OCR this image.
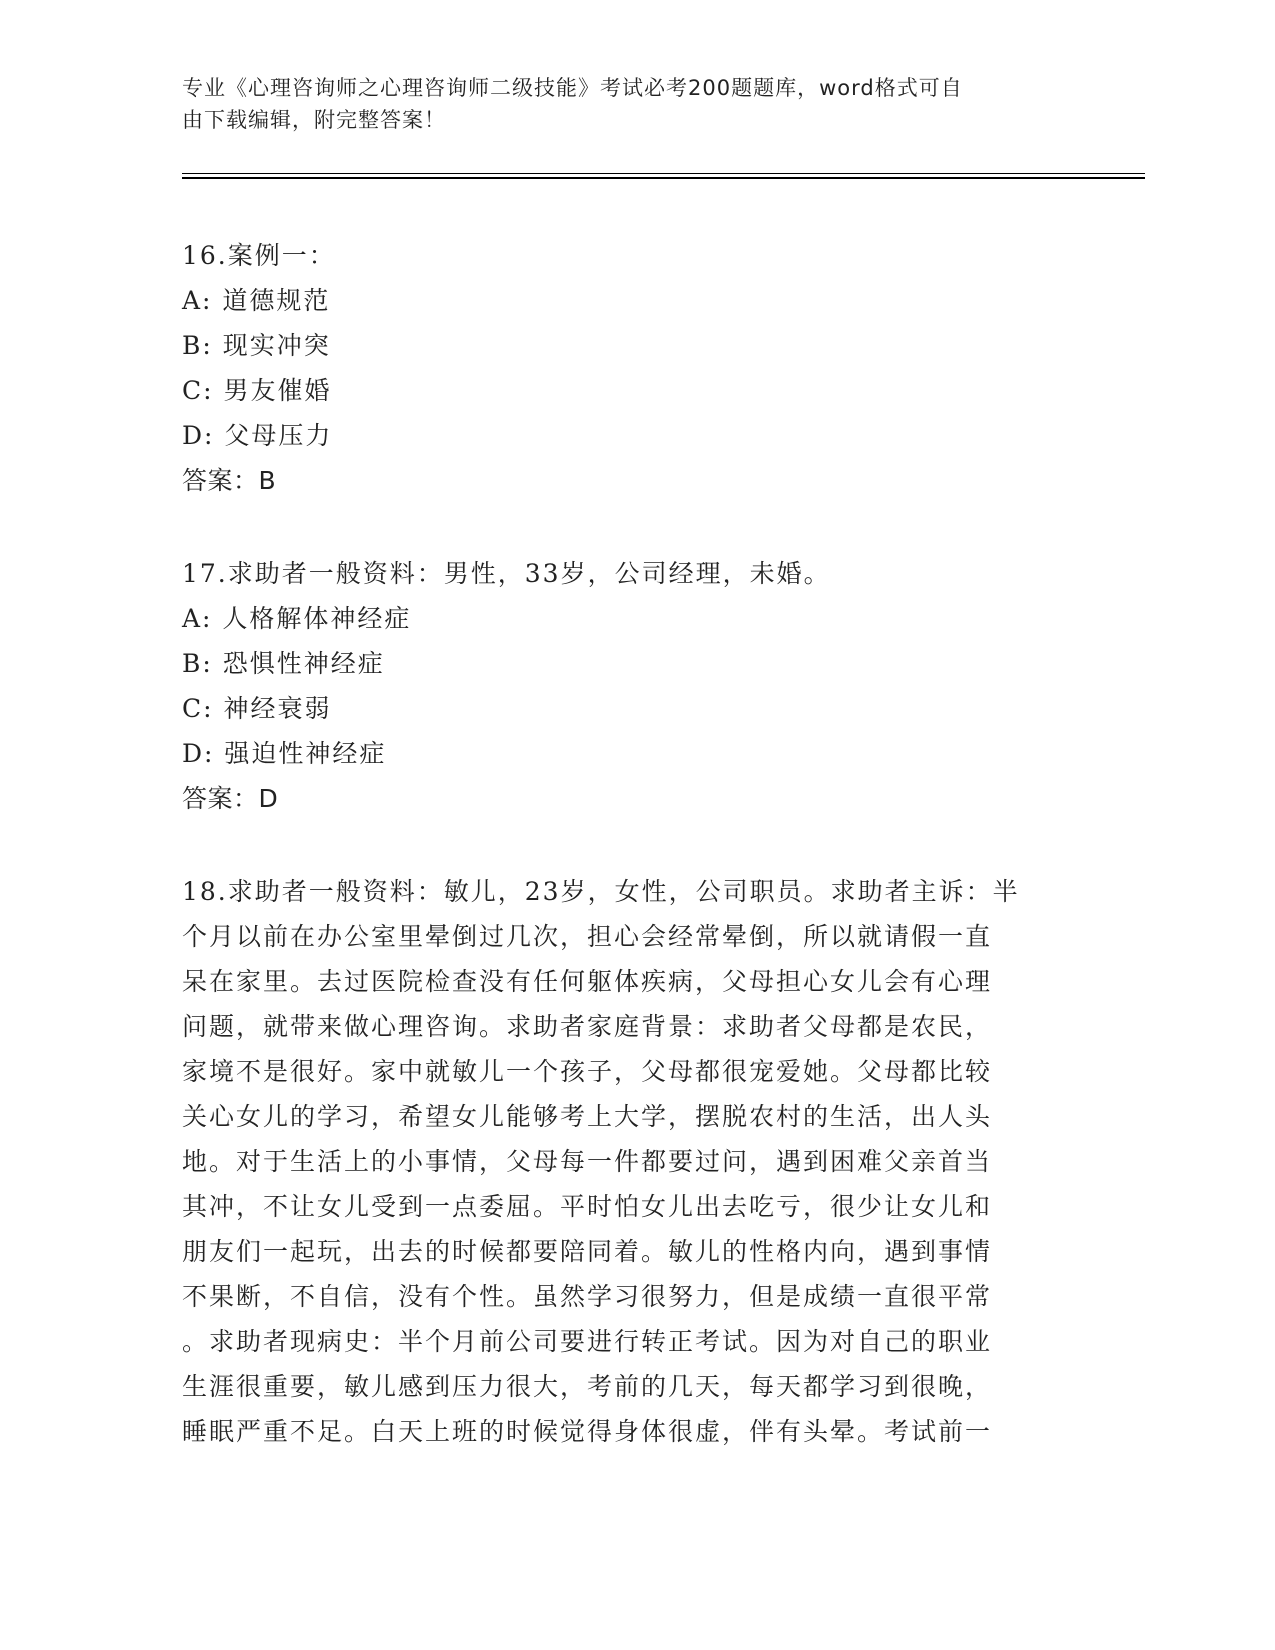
专业《心理咨询师之心理咨询师二级技能》考试必考200题题库，word格式可自
由下载编辑，附完整答案！
16.案例一：
A: 道德规范
B: 现实冲突
C: 男友催婚
D: 父母压力
答案：B
17.求助者一般资料：男性，33岁，公司经理，未婚。
A: 人格解体神经症
B: 恐惧性神经症
C: 神经衰弱
D: 强迫性神经症
答案：D
18.求助者一般资料：敏儿，23岁，女性，公司职员。求助者主诉：半
个月以前在办公室里晕倒过几次，担心会经常晕倒，所以就请假一直
呆在家里。去过医院检查没有任何躯体疾病，父母担心女儿会有心理
问题，就带来做心理咨询。求助者家庭背景：求助者父母都是农民，
家境不是很好。家中就敏儿一个孩子，父母都很宠爱她。父母都比较
关心女儿的学习，希望女儿能够考上大学，摆脱农村的生活，出人头
地。对于生活上的小事情，父母每一件都要过问，遇到困难父亲首当
其冲，不让女儿受到一点委屈。平时怕女儿出去吃亏，很少让女儿和
朋友们一起玩，出去的时候都要陪同着。敏儿的性格内向，遇到事情
不果断，不自信，没有个性。虽然学习很努力，但是成绩一直很平常
。求助者现病史：半个月前公司要进行转正考试。因为对自己的职业
生涯很重要，敏儿感到压力很大，考前的几天，每天都学习到很晚，
睡眠严重不足。白天上班的时候觉得身体很虚，伴有头晕。考试前一
